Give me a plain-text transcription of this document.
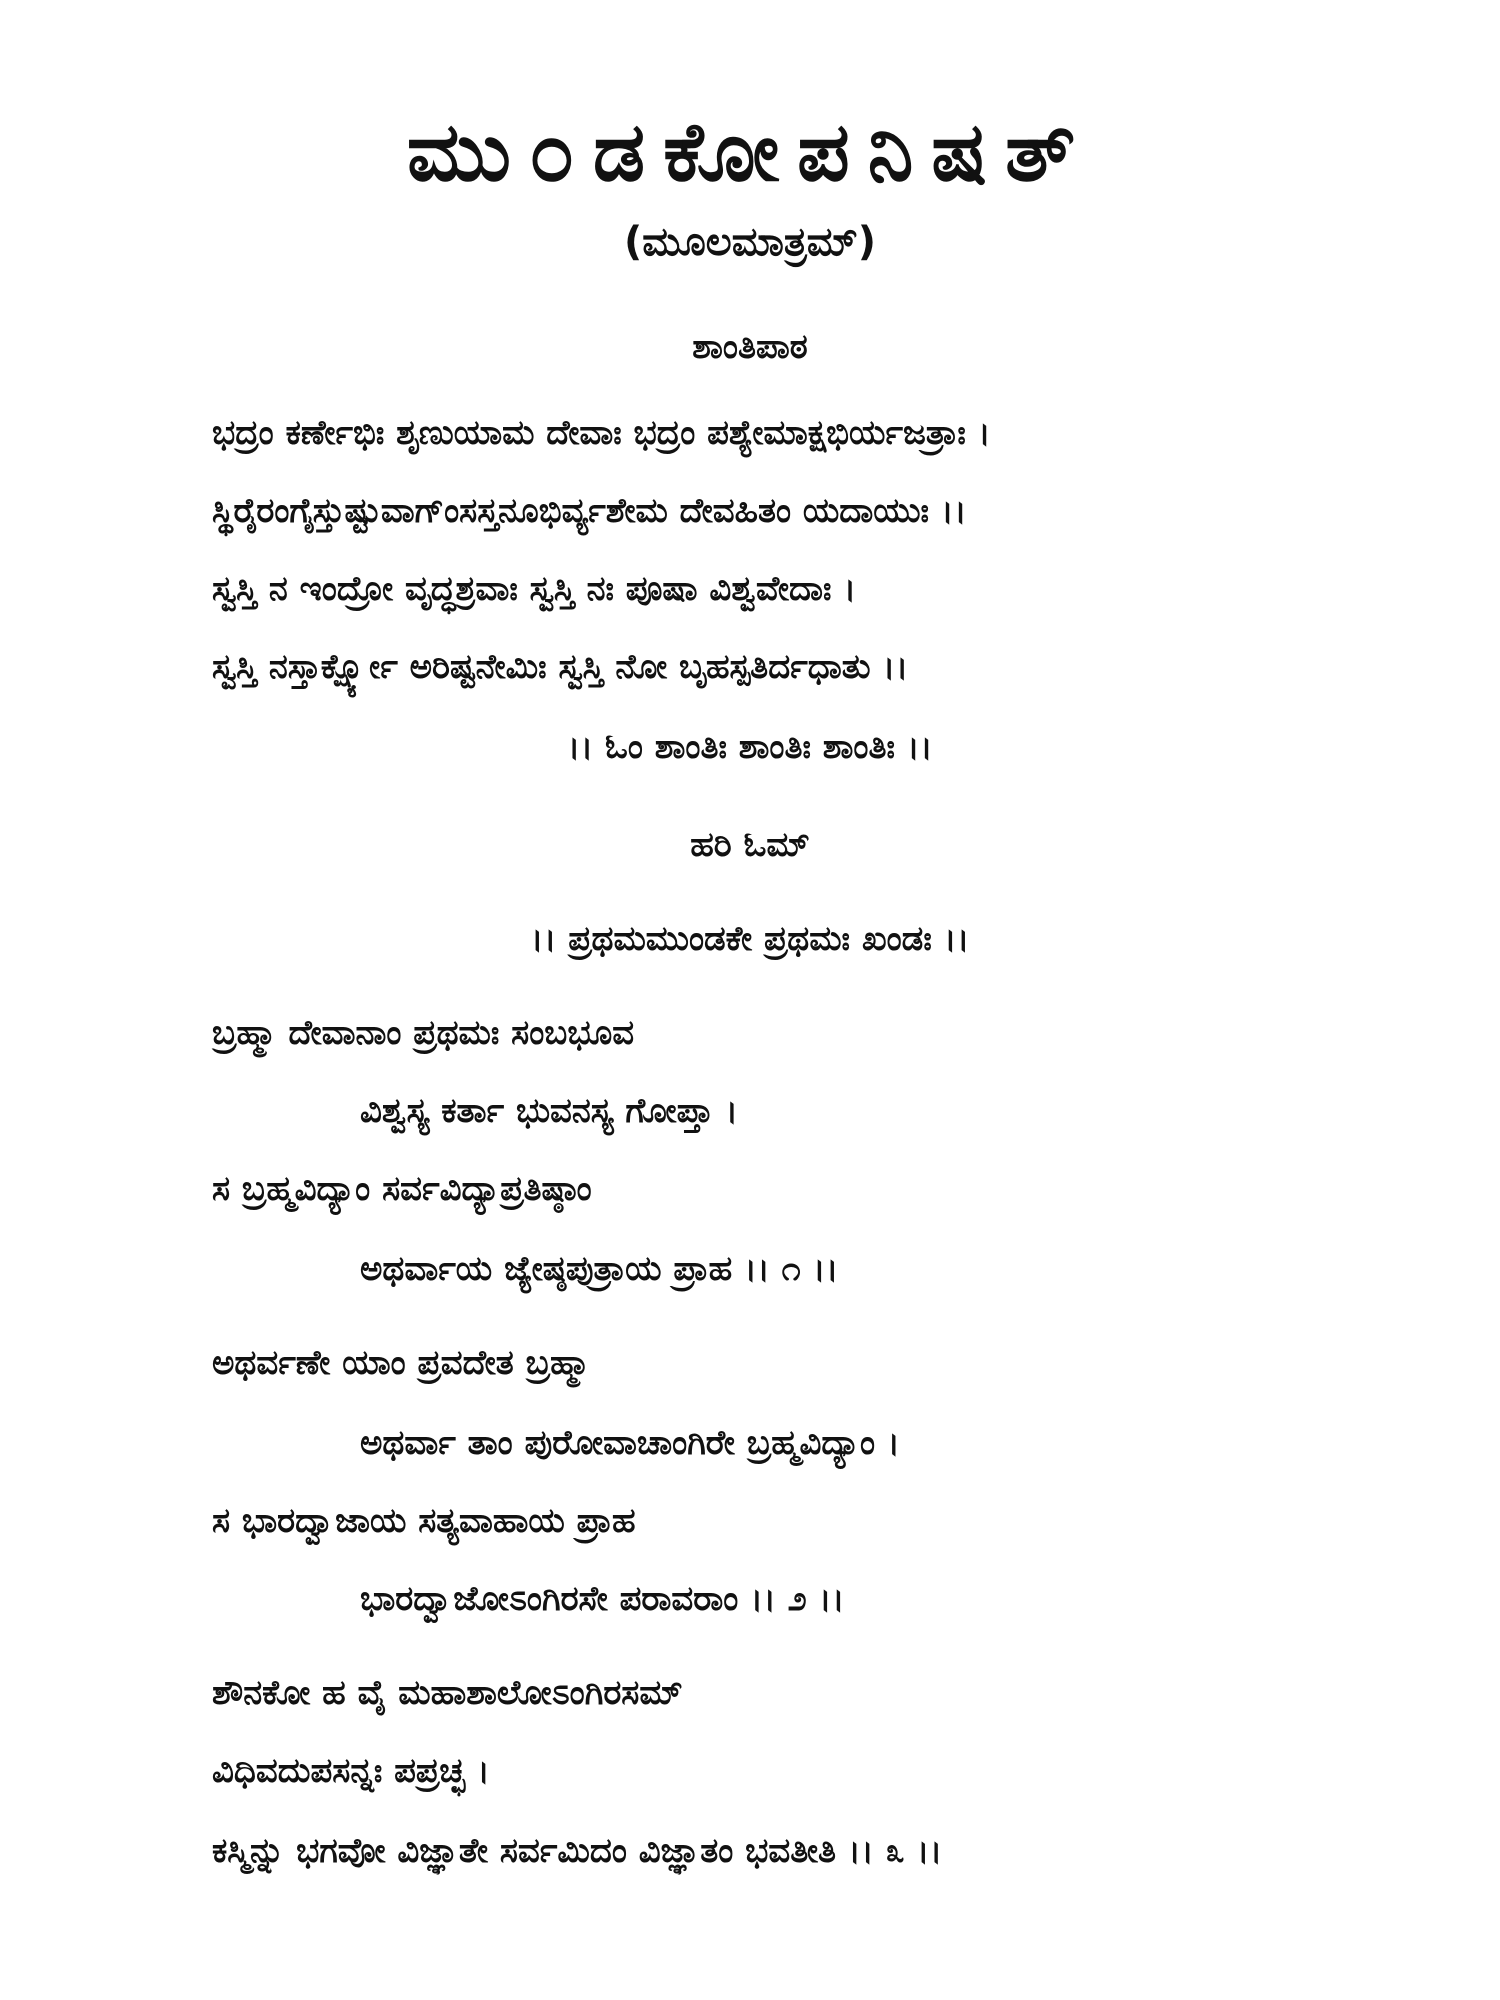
ಮು೦ಡಕೋಪನಿಷತ್
(ಮೂಲಮಾತ್ರಮ್)
ಶಾಂತಿಪಾಠ
ಭದ್ರಂ ಕರ್ಣೇಭಿಃ ಶೃಣುಯಾಮ ದೇವಾಃ ಭದ್ರಂ ಪಶ್ಯೇಮಾಕ್ಷಭಿರ್ಯಜತ್ರಾಃ ।
ಸ್ಥಿರೈರಂಗೈಸ್ತುಷ್ಟುವಾಗ್ಂಸಸ್ತನೂಭಿರ್ವ್ಯಶೇಮ ದೇವಹಿತಂ ಯದಾಯುಃ ।।
ಸ್ವಸ್ತಿ ನ ಇಂದ್ರೋ ವೃದ್ಧಶ್ರವಾಃ ಸ್ವಸ್ತಿ ನಃ ಪೂಷಾ ವಿಶ್ವವೇದಾಃ ।
ಸ್ವಸ್ತಿ ನಸ್ತಾರ್ಕ್ಷ್ಯೋ ಅರಿಷ್ಟನೇಮಿಃ ಸ್ವಸ್ತಿ ನೋ ಬೃಹಸ್ಪತಿರ್ದಧಾತು ।।
।। ಓಂ ಶಾಂತಿಃ ಶಾಂತಿಃ ಶಾಂತಿಃ ।।
ಹರಿ ಓಮ್
।। ಪ್ರಥಮಮುಂಡಕೇ ಪ್ರಥಮಃ ಖಂಡಃ ।।
ಬ್ರಹ್ಮಾ ದೇವಾನಾಂ ಪ್ರಥಮಃ ಸಂಬಭೂವ
ವಿಶ್ವಸ್ಯ ಕರ್ತಾ ಭುವನಸ್ಯ ಗೋಪ್ತಾ ।
ಸ ಬ್ರಹ್ಮವಿದ್ಯಾಂ ಸರ್ವವಿದ್ಯಾಪ್ರತಿಷ್ಠಾಂ
ಅಥರ್ವಾಯ ಜ್ಯೇಷ್ಠಪುತ್ರಾಯ ಪ್ರಾಹ ।। ೧ ।।
ಅಥರ್ವಣೇ ಯಾಂ ಪ್ರವದೇತ ಬ್ರಹ್ಮಾ
ಅಥರ್ವಾ ತಾಂ ಪುರೋವಾಚಾಂಗಿರೇ ಬ್ರಹ್ಮವಿದ್ಯಾಂ ।
ಸ ಭಾರದ್ವಾಜಾಯ ಸತ್ಯವಾಹಾಯ ಪ್ರಾಹ
ಭಾರದ್ವಾಜೋಽಂಗಿರಸೇ ಪರಾವರಾಂ ।। ೨ ।।
ಶೌನಕೋ ಹ ವೈ ಮಹಾಶಾಲೋಽಂಗಿರಸಮ್
ವಿಧಿವದುಪಸನ್ನಃ ಪಪ್ರಚ್ಛ ।
ಕಸ್ಮಿನ್ನು ಭಗವೋ ವಿಜ್ಞಾತೇ ಸರ್ವಮಿದಂ ವಿಜ್ಞಾತಂ ಭವತೀತಿ ।। ೩ ।।
